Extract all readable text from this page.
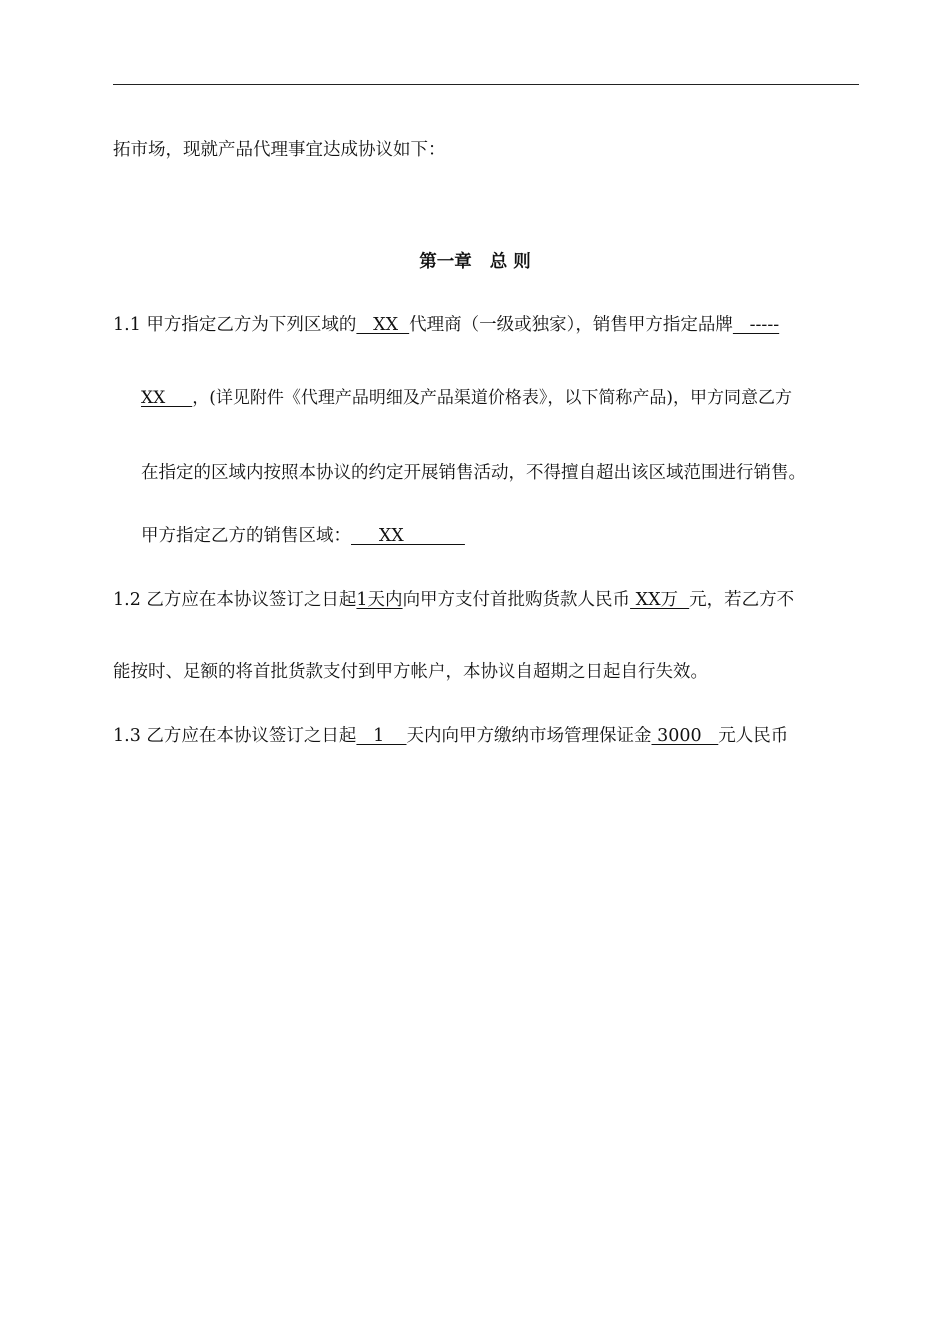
拓市场，现就产品代理事宜达成协议如下：
第一章 总 则
1.1 甲方指定乙方为下列区域的   XX  代理商（一级或独家），销售甲方指定品牌   -----
XX     ，(详见附件《代理产品明细及产品渠道价格表》，以下简称产品)，甲方同意乙方
在指定的区域内按照本协议的约定开展销售活动，不得擅自超出该区域范围进行销售。
甲方指定乙方的销售区域：     XX
1.2 乙方应在本协议签订之日起1天内向甲方支付首批购货款人民币 XX万  元，若乙方不
能按时、足额的将首批货款支付到甲方帐户，本协议自超期之日起自行失效。
1.3 乙方应在本协议签订之日起   1    天内向甲方缴纳市场管理保证金 3000   元人民币
